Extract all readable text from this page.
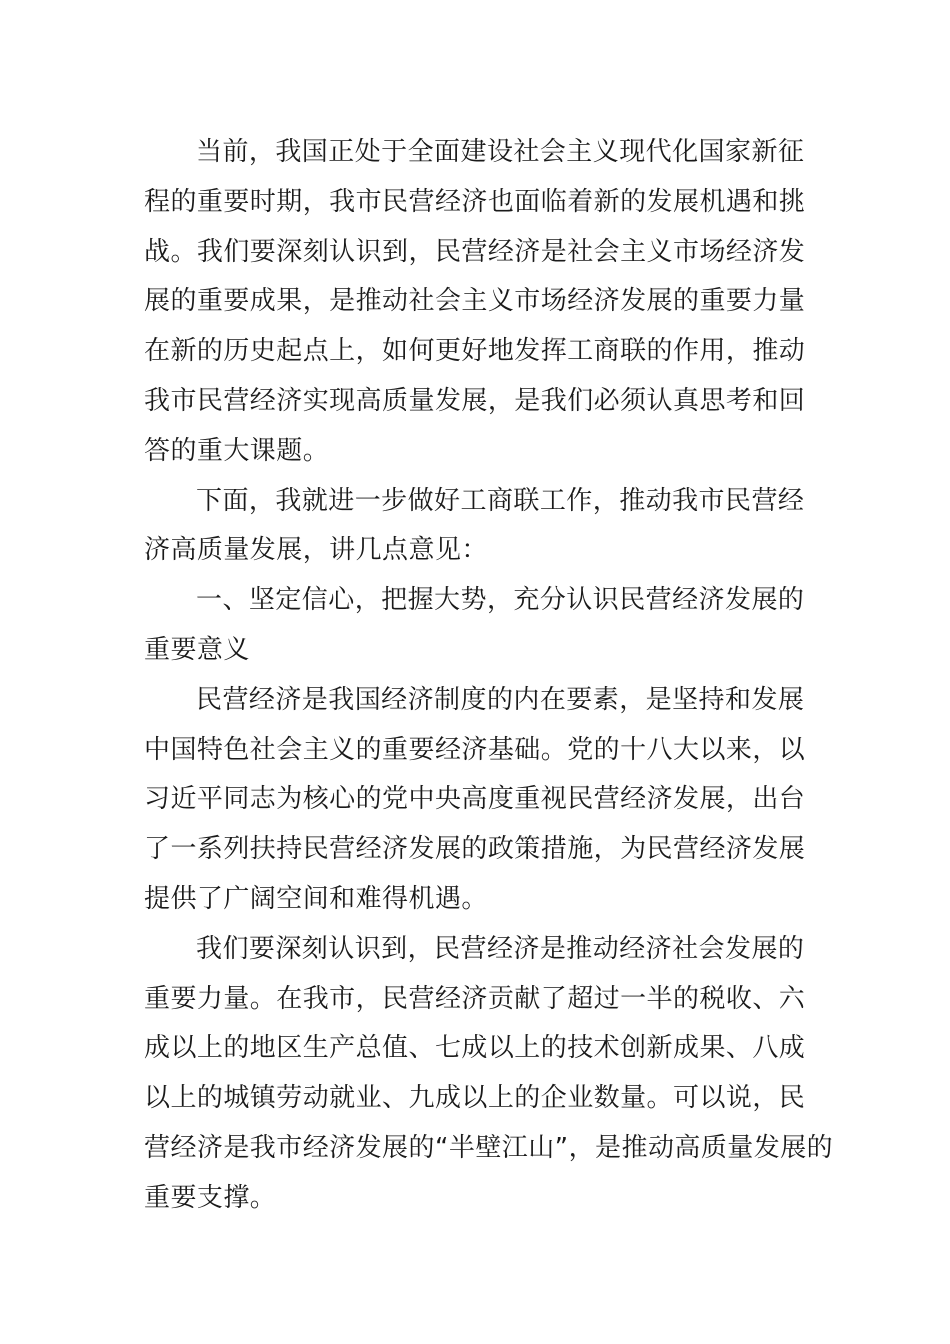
当前，我国正处于全面建设社会主义现代化国家新征
程的重要时期，我市民营经济也面临着新的发展机遇和挑
战。我们要深刻认识到，民营经济是社会主义市场经济发
展的重要成果，是推动社会主义市场经济发展的重要力量
在新的历史起点上，如何更好地发挥工商联的作用，推动
我市民营经济实现高质量发展，是我们必须认真思考和回
答的重大课题。
下面，我就进一步做好工商联工作，推动我市民营经
济高质量发展，讲几点意见：
一、坚定信心，把握大势，充分认识民营经济发展的
重要意义
民营经济是我国经济制度的内在要素，是坚持和发展
中国特色社会主义的重要经济基础。党的十八大以来，以
习近平同志为核心的党中央高度重视民营经济发展，出台
了一系列扶持民营经济发展的政策措施，为民营经济发展
提供了广阔空间和难得机遇。
我们要深刻认识到，民营经济是推动经济社会发展的
重要力量。在我市，民营经济贡献了超过一半的税收、六
成以上的地区生产总值、七成以上的技术创新成果、八成
以上的城镇劳动就业、九成以上的企业数量。可以说，民
营经济是我市经济发展的“半壁江山”，是推动高质量发展的
重要支撑。
